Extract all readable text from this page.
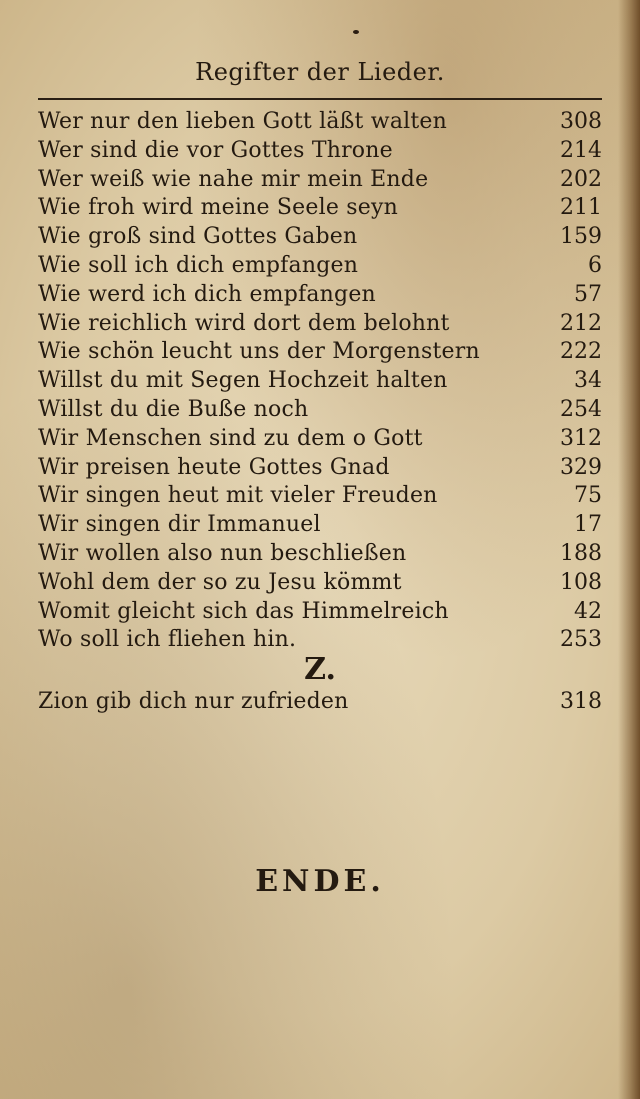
Regifter der Lieder.
Wer nur den lieben Gott läßt walten	308
Wer sind die vor Gottes Throne	214
Wer weiß wie nahe mir mein Ende	202
Wie froh wird meine Seele seyn	211
Wie groß sind Gottes Gaben	159
Wie soll ich dich empfangen	6
Wie werd ich dich empfangen	57
Wie reichlich wird dort dem belohnt	212
Wie schön leucht uns der Morgenstern	222
Willst du mit Segen Hochzeit halten	34
Willst du die Buße noch	254
Wir Menschen sind zu dem o Gott	312
Wir preisen heute Gottes Gnad	329
Wir singen heut mit vieler Freuden	75
Wir singen dir Immanuel	17
Wir wollen also nun beschließen	188
Wohl dem der so zu Jesu kömmt	108
Womit gleicht sich das Himmelreich	42
Wo soll ich fliehen hin.	253
Z.
Zion gib dich nur zufrieden	318
ENDE.
